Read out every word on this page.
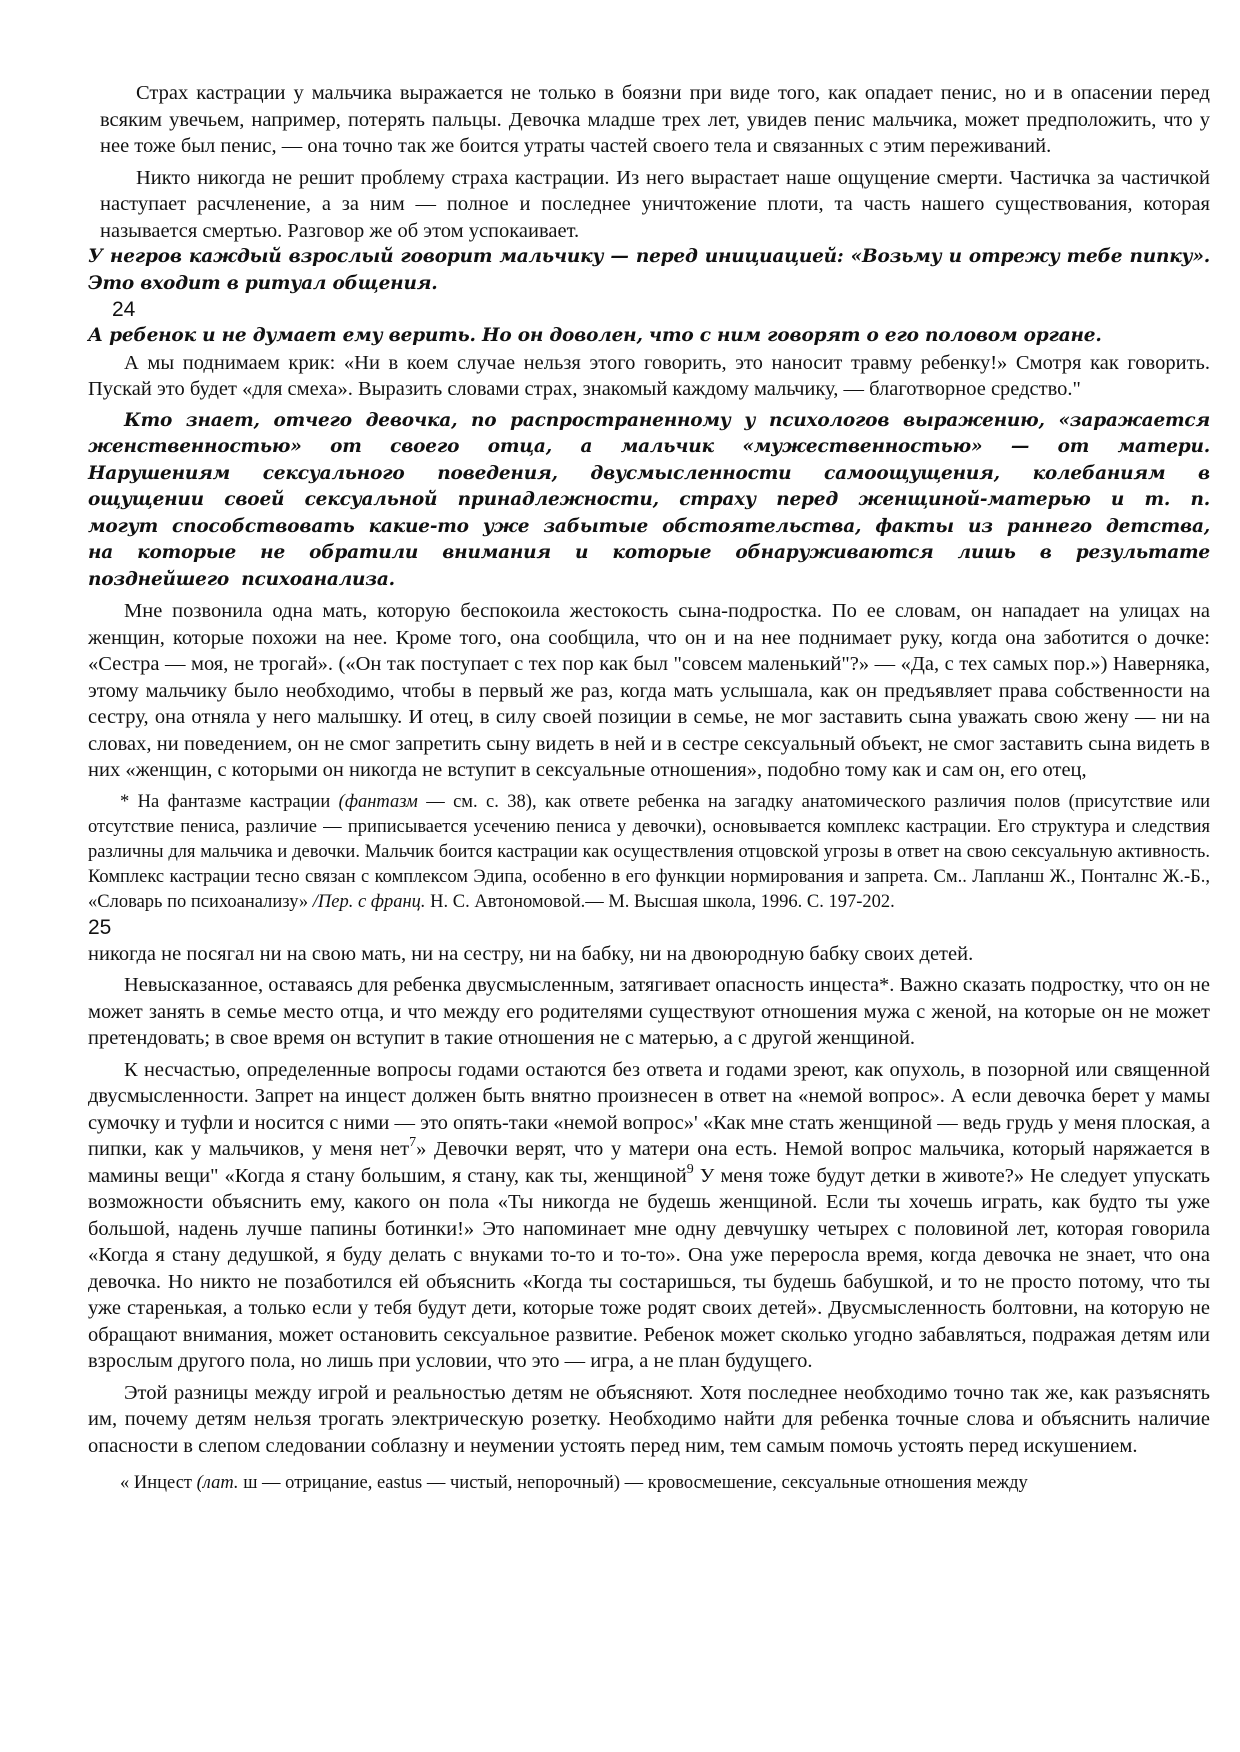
Страх кастрации у мальчика выражается не только в боязни при виде того, как опадает пенис, но и в опасении перед всяким увечьем, например, потерять пальцы. Девочка младше трех лет, увидев пенис мальчика, может предположить, что у нее тоже был пенис, — она точно так же боится утраты частей своего тела и связанных с этим переживаний.

Никто никогда не решит проблему страха кастрации. Из него вырастает наше ощущение смерти. Частичка за частичкой наступает расчленение, а за ним — полное и последнее уничтожение плоти, та часть нашего существования, которая называется смертью. Разговор же об этом успокаивает.

У негров каждый взрослый говорит мальчику — перед инициацией: «Возьму и отрежу тебе пипку». Это входит в ритуал общения.

24

А ребенок и не думает ему верить. Но он доволен, что с ним говорят о его половом органе.

А мы поднимаем крик: «Ни в коем случае нельзя этого говорить, это наносит травму ребенку!» Смотря как говорить. Пускай это будет «для смеха». Выразить словами страх, знакомый каждому мальчику, — благотворное средство."

Кто знает, отчего девочка, по распространенному у психологов выражению, «заражается женственностью» от своего отца, а мальчик «мужественностью» — от матери. Нарушениям сексуального поведения, двусмысленности самоощущения, колебаниям в ощущении своей сексуальной принадлежности, страху перед женщиной-матерью и т. п. могут способствовать какие-то уже забытые обстоятельства, факты из раннего детства, на которые не обратили внимания и которые обнаруживаются лишь в результате позднейшего психоанализа.

Мне позвонила одна мать, которую беспокоила жестокость сына-подростка. По ее словам, он нападает на улицах на женщин, которые похожи на нее. Кроме того, она сообщила, что он и на нее поднимает руку, когда она заботится о дочке: «Сестра — моя, не трогай». («Он так поступает с тех пор как был "совсем маленький"?» — «Да, с тех самых пор.») Наверняка, этому мальчику было необходимо, чтобы в первый же раз, когда мать услышала, как он предъявляет права собственности на сестру, она отняла у него малышку. И отец, в силу своей позиции в семье, не мог заставить сына уважать свою жену — ни на словах, ни поведением, он не смог запретить сыну видеть в ней и в сестре сексуальный объект, не смог заставить сына видеть в них «женщин, с которыми он никогда не вступит в сексуальные отношения», подобно тому как и сам он, его отец,

* На фантазме кастрации (фантазм — см. с. 38), как ответе ребенка на загадку анатомического различия полов (присутствие или отсутствие пениса, различие — приписывается усечению пениса у девочки), основывается комплекс кастрации. Его структура и следствия различны для мальчика и девочки. Мальчик боится кастрации как осуществления отцовской угрозы в ответ на свою сексуальную активность. Комплекс кастрации тесно связан с комплексом Эдипа, особенно в его функции нормирования и запрета. См.. Лапланш Ж., Понталнс Ж.-Б., «Словарь по психоанализу» /Пер. с франц. Н. С. Автономовой.— М. Высшая школа, 1996. С. 197-202.

25

никогда не посягал ни на свою мать, ни на сестру, ни на бабку, ни на двоюродную бабку своих детей.

Невысказанное, оставаясь для ребенка двусмысленным, затягивает опасность инцеста*. Важно сказать подростку, что он не может занять в семье место отца, и что между его родителями существуют отношения мужа с женой, на которые он не может претендовать; в свое время он вступит в такие отношения не с матерью, а с другой женщиной.

К несчастью, определенные вопросы годами остаются без ответа и годами зреют, как опухоль, в позорной или священной двусмысленности. Запрет на инцест должен быть внятно произнесен в ответ на «немой вопрос». А если девочка берет у мамы сумочку и туфли и носится с ними — это опять-таки «немой вопрос»' «Как мне стать женщиной — ведь грудь у меня плоская, а пипки, как у мальчиков, у меня нет$^7$» Девочки верят, что у матери она есть. Немой вопрос мальчика, который наряжается в мамины вещи" «Когда я стану большим, я стану, как ты, женщиной$^9$ У меня тоже будут детки в животе?» Не следует упускать возможности объяснить ему, какого он пола «Ты никогда не будешь женщиной. Если ты хочешь играть, как будто ты уже большой, надень лучше папины ботинки!» Это напоминает мне одну девчушку четырех с половиной лет, которая говорила «Когда я стану дедушкой, я буду делать с внуками то-то и то-то». Она уже переросла время, когда девочка не знает, что она девочка. Но никто не позаботился ей объяснить «Когда ты состаришься, ты будешь бабушкой, и то не просто потому, что ты уже старенькая, а только если у тебя будут дети, которые тоже родят своих детей». Двусмысленность болтовни, на которую не обращают внимания, может остановить сексуальное развитие. Ребенок может сколько угодно забавляться, подражая детям или взрослым другого пола, но лишь при условии, что это — игра, а не план будущего.

Этой разницы между игрой и реальностью детям не объясняют. Хотя последнее необходимо точно так же, как разъяснять им, почему детям нельзя трогать электрическую розетку. Необходимо найти для ребенка точные слова и объяснить наличие опасности в слепом следовании соблазну и неумении устоять перед ним, тем самым помочь устоять перед искушением.

« Инцест (лат. ш — отрицание, eastus — чистый, непорочный) — кровосмешение, сексуальные отношения между
